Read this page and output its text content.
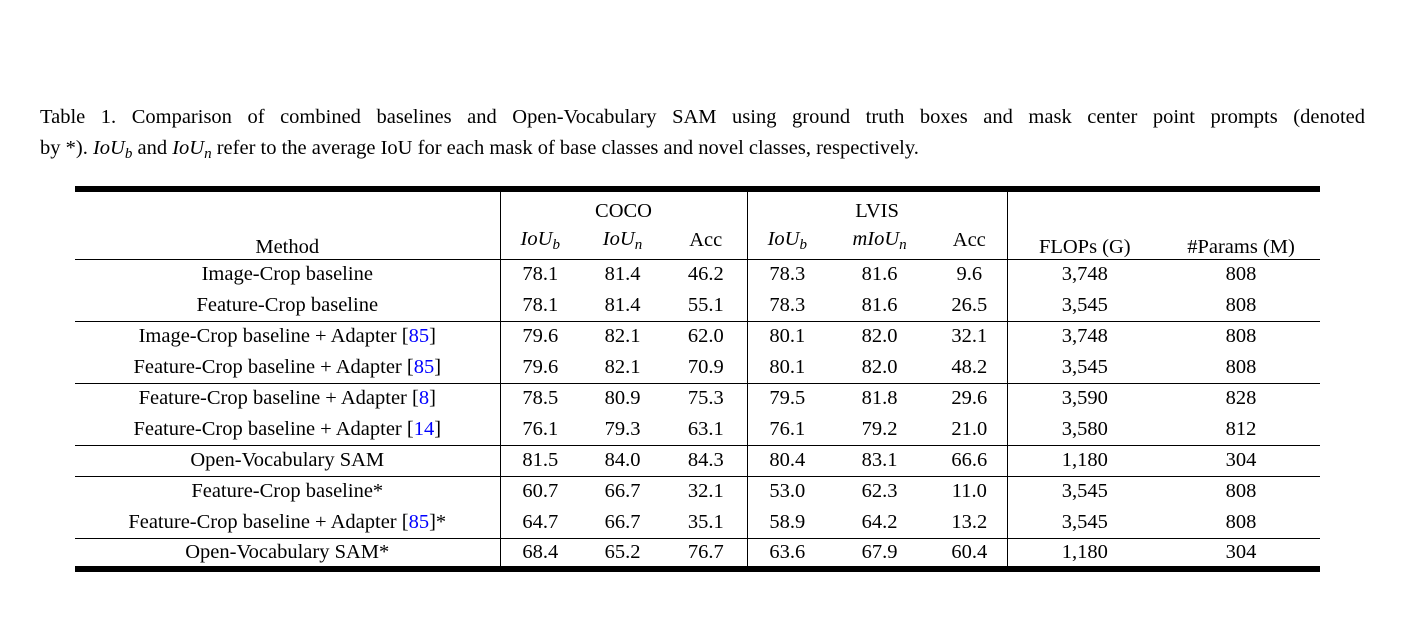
Table 1. Comparison of combined baselines and Open-Vocabulary SAM using ground truth boxes and mask center point prompts (denoted
by *). IoUb and IoUn refer to the average IoU for each mask of base classes and novel classes, respectively.
Method	COCO			LVIS			FLOPs (G)	#Params (M)
	IoUb	IoUn	Acc	IoUb	mIoUn	Acc		
Image-Crop baseline	78.1	81.4	46.2	78.3	81.6	9.6	3,748	808
Feature-Crop baseline	78.1	81.4	55.1	78.3	81.6	26.5	3,545	808
Image-Crop baseline + Adapter [85]	79.6	82.1	62.0	80.1	82.0	32.1	3,748	808
Feature-Crop baseline + Adapter [85]	79.6	82.1	70.9	80.1	82.0	48.2	3,545	808
Feature-Crop baseline + Adapter [8]	78.5	80.9	75.3	79.5	81.8	29.6	3,590	828
Feature-Crop baseline + Adapter [14]	76.1	79.3	63.1	76.1	79.2	21.0	3,580	812
Open-Vocabulary SAM	81.5	84.0	84.3	80.4	83.1	66.6	1,180	304
Feature-Crop baseline*	60.7	66.7	32.1	53.0	62.3	11.0	3,545	808
Feature-Crop baseline + Adapter [85]*	64.7	66.7	35.1	58.9	64.2	13.2	3,545	808
Open-Vocabulary SAM*	68.4	65.2	76.7	63.6	67.9	60.4	1,180	304
